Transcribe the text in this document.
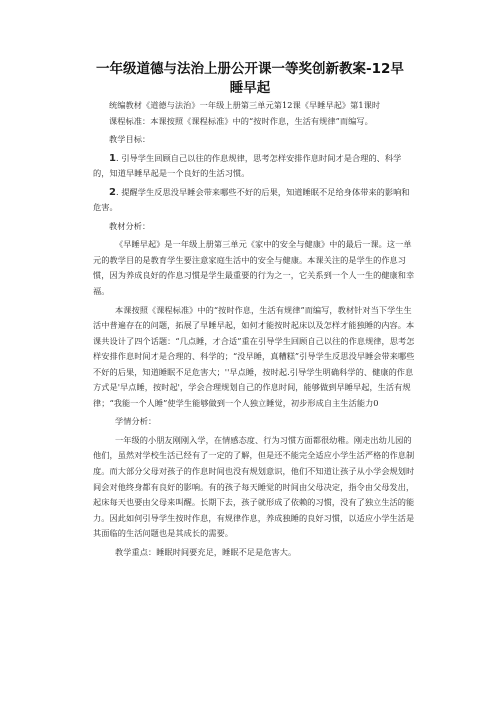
一年级道德与法治上册公开课一等奖创新教案-12早
睡早起

统编教材《道德与法治》一年级上册第三单元第12课《早睡早起》第1课时

课程标准：本课按照《课程标准》中的“按时作息，生活有规律”而编写。

教学目标：

1. 引导学生回顾自己以往的作息规律，思考怎样安排作息时间才是合理的、科学的，知道早睡早起是一个良好的生活习惯。

2. 提醒学生反思没早睡会带来哪些不好的后果，知道睡眠不足给身体带来的影响和危害。

教材分析：

《早睡早起》是一年级上册第三单元《家中的安全与健康》中的最后一课。这一单元的教学目的是教育学生要注意家庭生活中的安全与健康。本课关注的是学生的作息习惯，因为养成良好的作息习惯是学生最重要的行为之一，它关系到一个人一生的健康和幸福。

本课按照《课程标准》中的“按时作息，生活有规律”而编写，教材针对当下学生生活中普遍存在的问题，拓展了早睡早起，如何才能按时起床以及怎样才能独睡的内容。本课共设计了四个话题：“几点睡，才合适”重在引导学生回顾自己以往的作息规律，思考怎样安排作息时间才是合理的、科学的；“没早睡，真糟糕”引导学生反思没早睡会带来哪些不好的后果，知道睡眠不足危害大；''早点睡，按时起.引导学生明确科学的、健康的作息方式是'早点睡，按时起'，学会合理规划自己的作息时间，能够做到早睡早起，生活有规律；“我能一个人睡”使学生能够做到一个人独立睡觉，初步形成自主生活能力0

学情分析：

一年级的小朋友刚刚入学，在情感态度、行为习惯方面都很幼稚。刚走出幼儿园的他们，虽然对学校生活已经有了一定的了解，但是还不能完全适应小学生活严格的作息制度。而大部分父母对孩子的作息时间也没有规划意识，他们不知道让孩子从小学会规划时间会对他终身都有良好的影响。有的孩子每天睡觉的时间由父母决定，指令由父母发出，起床每天也要由父母来叫醒。长期下去，孩子就形成了依赖的习惯，没有了独立生活的能力。因此如何引导学生按时作息，有规律作息，养成独睡的良好习惯，以适应小学生活是其面临的生活问题也是其成长的需要。

教学重点：睡眠时间要充足，睡眠不足是危害大。
